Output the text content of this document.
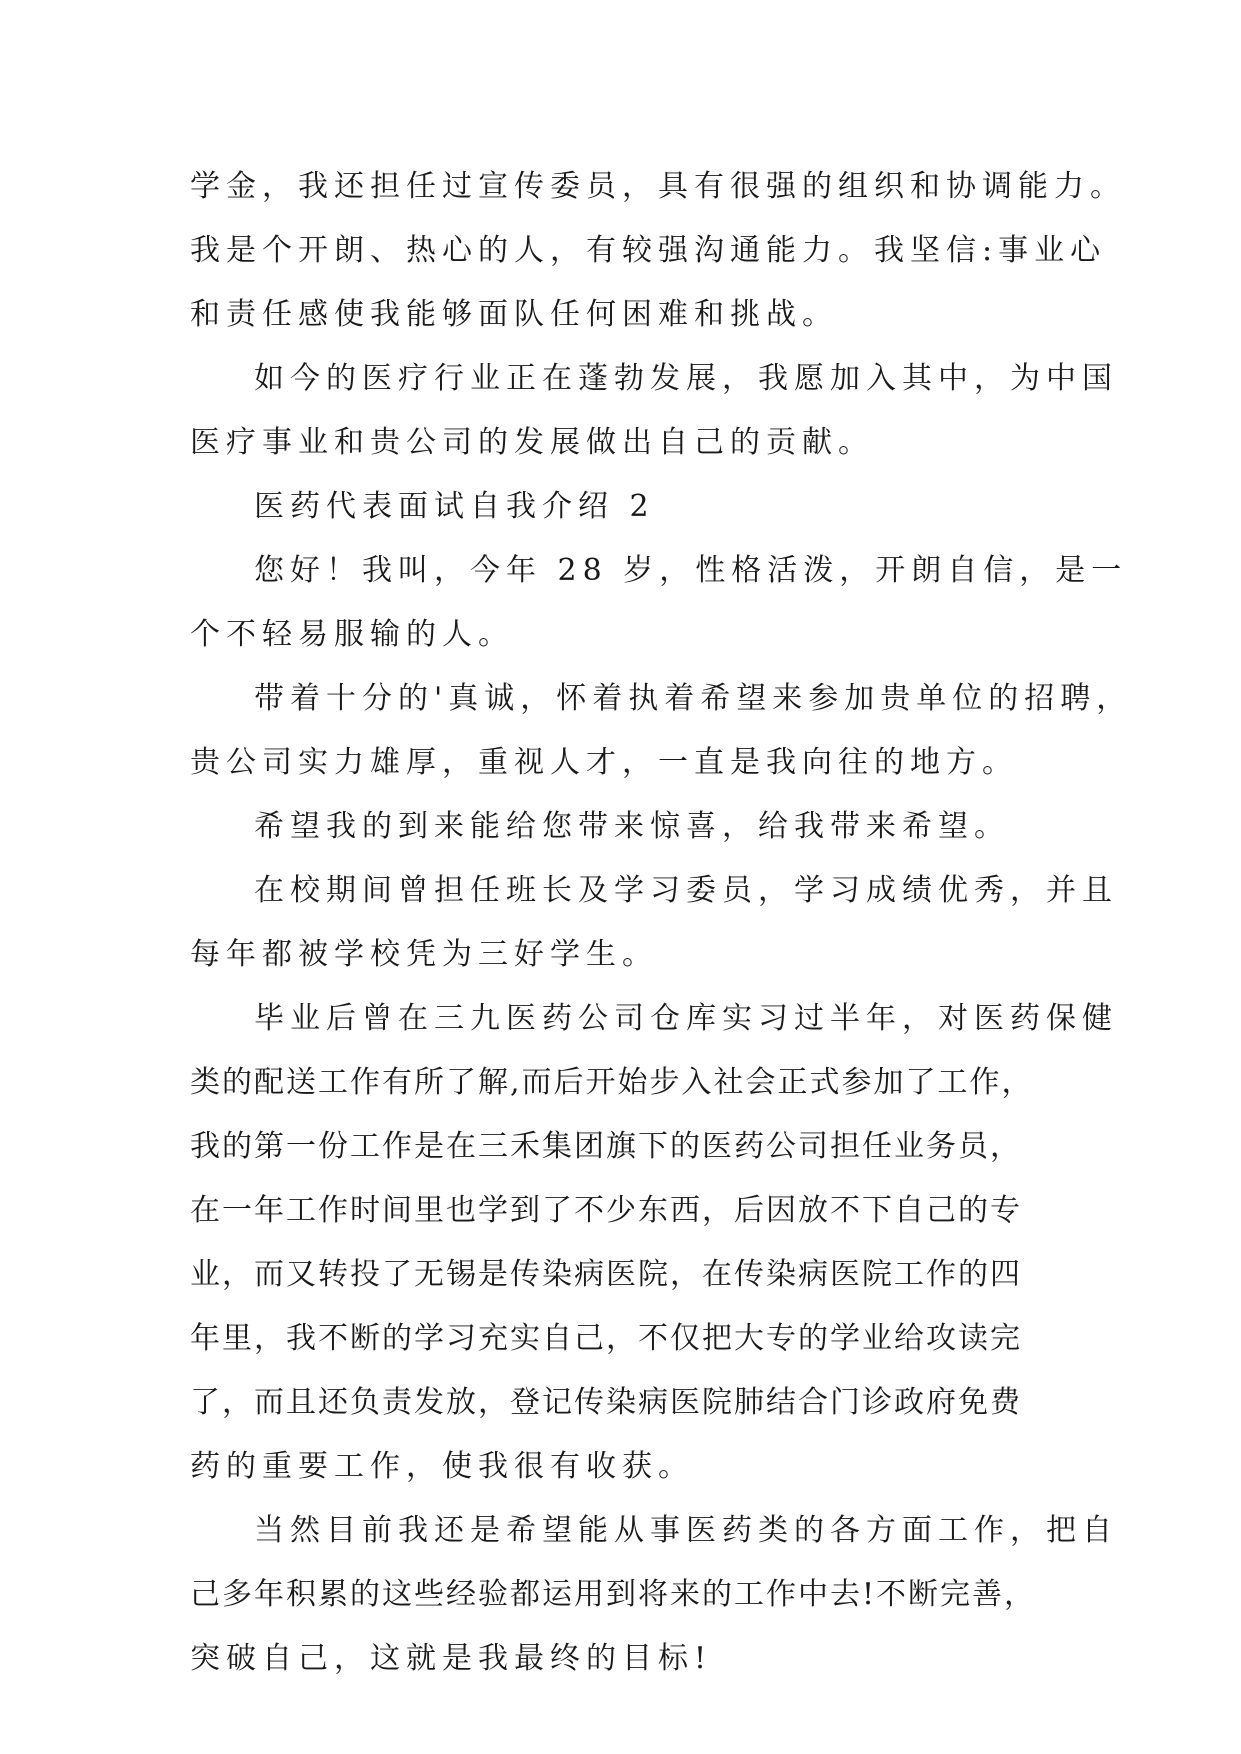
学金，我还担任过宣传委员，具有很强的组织和协调能力。
我是个开朗、热心的人，有较强沟通能力。我坚信:事业心
和责任感使我能够面队任何困难和挑战。
如今的医疗行业正在蓬勃发展，我愿加入其中，为中国
医疗事业和贵公司的发展做出自己的贡献。
医药代表面试自我介绍 2
您好！我叫，今年 28 岁，性格活泼，开朗自信，是一
个不轻易服输的人。
带着十分的'真诚，怀着执着希望来参加贵单位的招聘，
贵公司实力雄厚，重视人才，一直是我向往的地方。
希望我的到来能给您带来惊喜，给我带来希望。
在校期间曾担任班长及学习委员，学习成绩优秀，并且
每年都被学校凭为三好学生。
毕业后曾在三九医药公司仓库实习过半年，对医药保健
类的配送工作有所了解,而后开始步入社会正式参加了工作，
我的第一份工作是在三禾集团旗下的医药公司担任业务员，
在一年工作时间里也学到了不少东西，后因放不下自己的专
业，而又转投了无锡是传染病医院，在传染病医院工作的四
年里，我不断的学习充实自己，不仅把大专的学业给攻读完
了，而且还负责发放，登记传染病医院肺结合门诊政府免费
药的重要工作，使我很有收获。
当然目前我还是希望能从事医药类的各方面工作，把自
己多年积累的这些经验都运用到将来的工作中去!不断完善，
突破自己，这就是我最终的目标!
